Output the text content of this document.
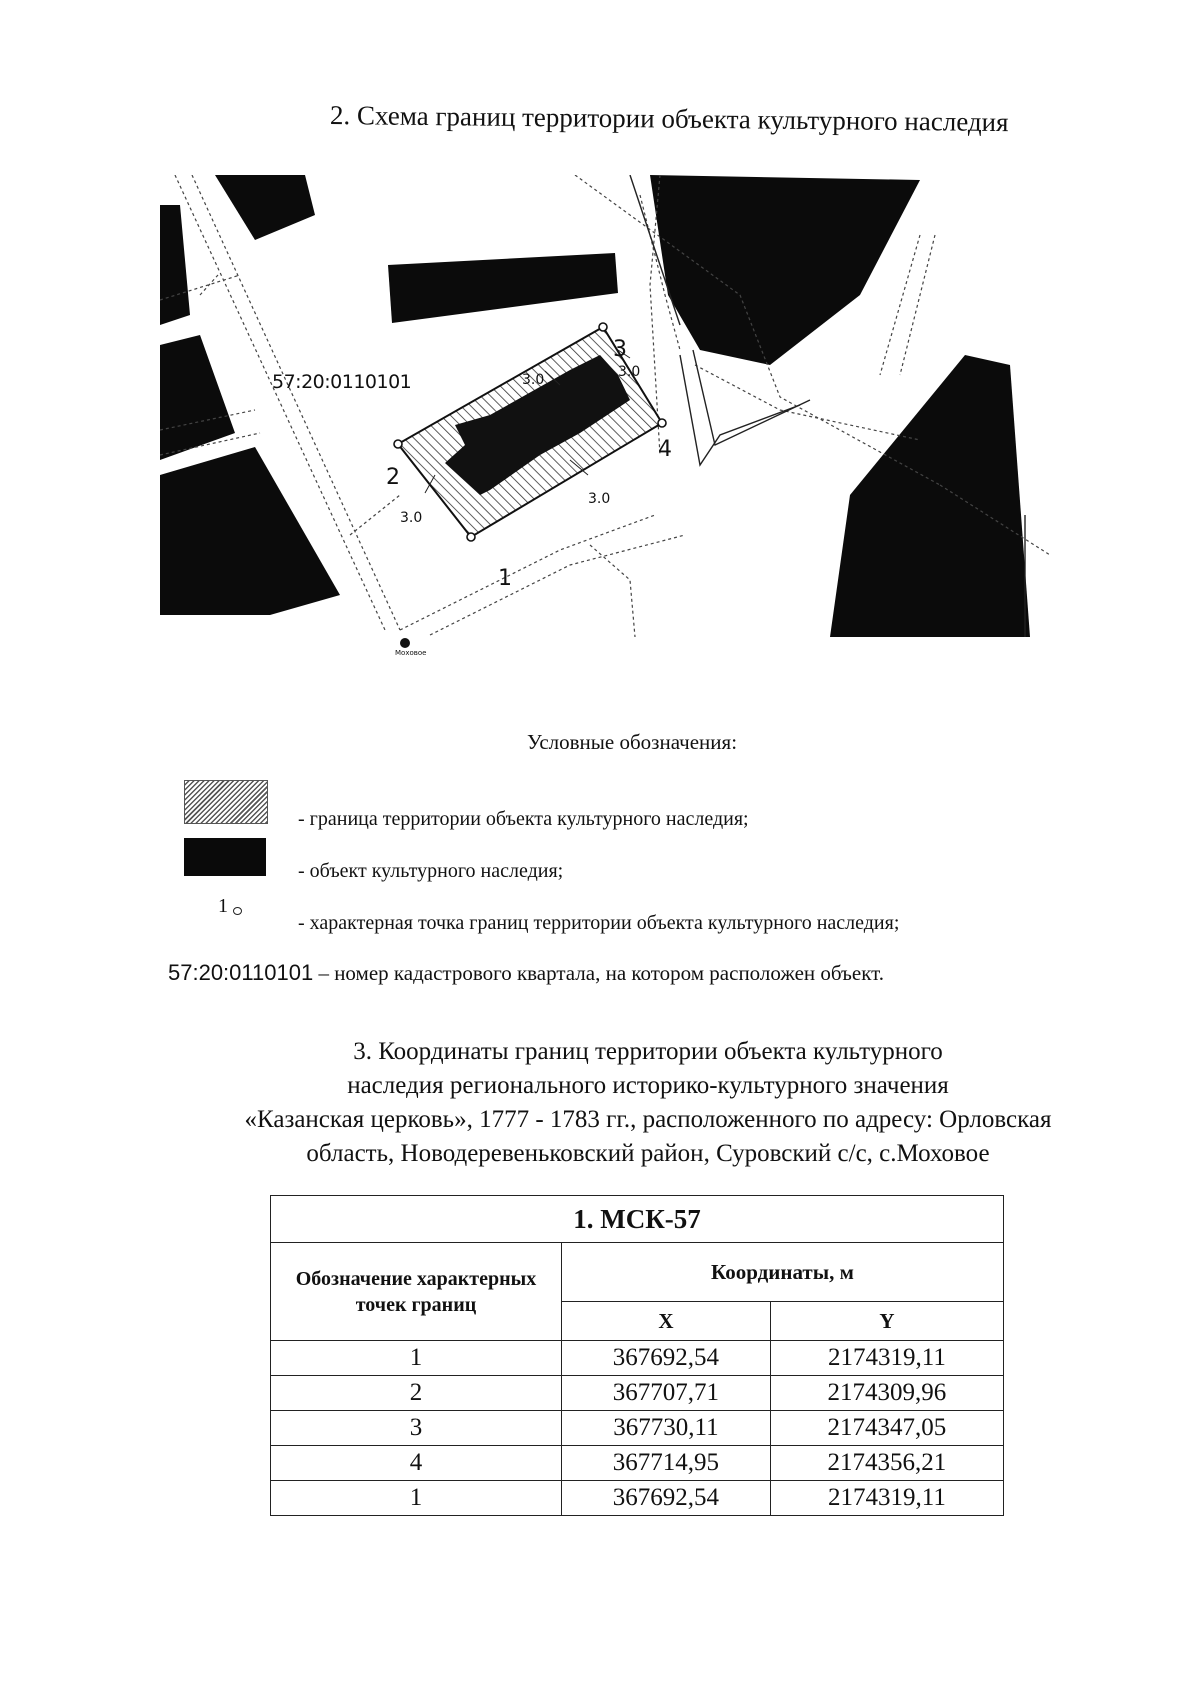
2. Схема границ территории объекта культурного наследия
57:20:0110101
1
2
3
4
3.0	3.0
3.0
3.0
Моховое
Условные обозначения:
- граница территории объекта культурного наследия;
- объект культурного наследия;
1
- характерная точка границ территории объекта культурного наследия;
57:20:0110101 – номер кадастрового квартала, на котором расположен объект.
3. Координаты границ территории объекта культурного
наследия регионального историко-культурного значения
«Казанская церковь», 1777 - 1783 гг., расположенного по адресу: Орловская
область, Новодеревеньковский район, Суровский с/с, с.Моховое
1. МСК-57		
Обозначение характерных точек границ	Координаты, м	
	X	Y
1	367692,54	2174319,11
2	367707,71	2174309,96
3	367730,11	2174347,05
4	367714,95	2174356,21
1	367692,54	2174319,11
